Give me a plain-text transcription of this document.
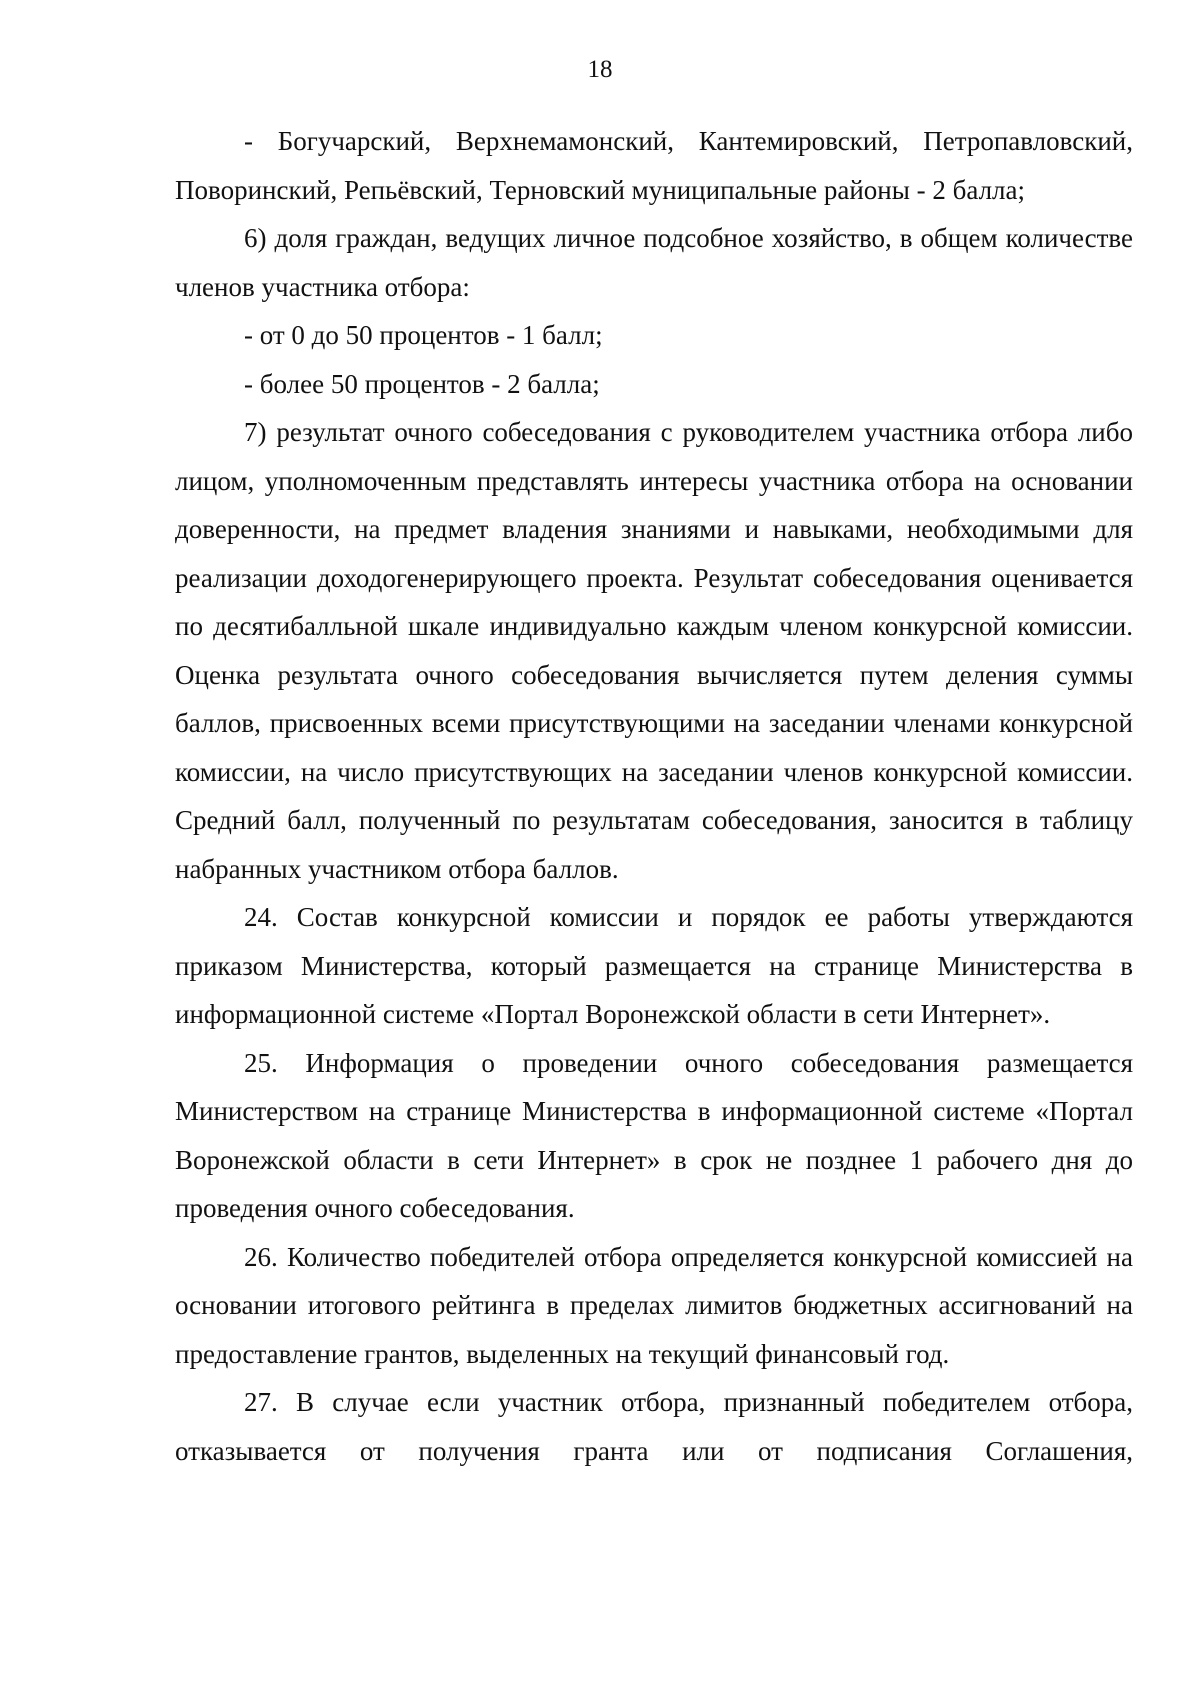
18

- Богучарский, Верхнемамонский, Кантемировский, Петропавловский, Поворинский, Репьёвский, Терновский муниципальные районы - 2 балла;

6) доля граждан, ведущих личное подсобное хозяйство, в общем количестве членов участника отбора:

- от 0 до 50 процентов - 1 балл;

- более 50 процентов - 2 балла;

7) результат очного собеседования с руководителем участника отбора либо лицом, уполномоченным представлять интересы участника отбора на основании доверенности, на предмет владения знаниями и навыками, необходимыми для реализации доходогенерирующего проекта. Результат собеседования оценивается по десятибалльной шкале индивидуально каждым членом конкурсной комиссии. Оценка результата очного собеседования вычисляется путем деления суммы баллов, присвоенных всеми присутствующими на заседании членами конкурсной комиссии, на число присутствующих на заседании членов конкурсной комиссии. Средний балл, полученный по результатам собеседования, заносится в таблицу набранных участником отбора баллов.

24. Состав конкурсной комиссии и порядок ее работы утверждаются приказом Министерства, который размещается на странице Министерства в информационной системе «Портал Воронежской области в сети Интернет».

25. Информация о проведении очного собеседования размещается Министерством на странице Министерства в информационной системе «Портал Воронежской области в сети Интернет» в срок не позднее 1 рабочего дня до проведения очного собеседования.

26. Количество победителей отбора определяется конкурсной комиссией на основании итогового рейтинга в пределах лимитов бюджетных ассигнований на предоставление грантов, выделенных на текущий финансовый год.

27. В случае если участник отбора, признанный победителем отбора, отказывается от получения гранта или от подписания Соглашения,
